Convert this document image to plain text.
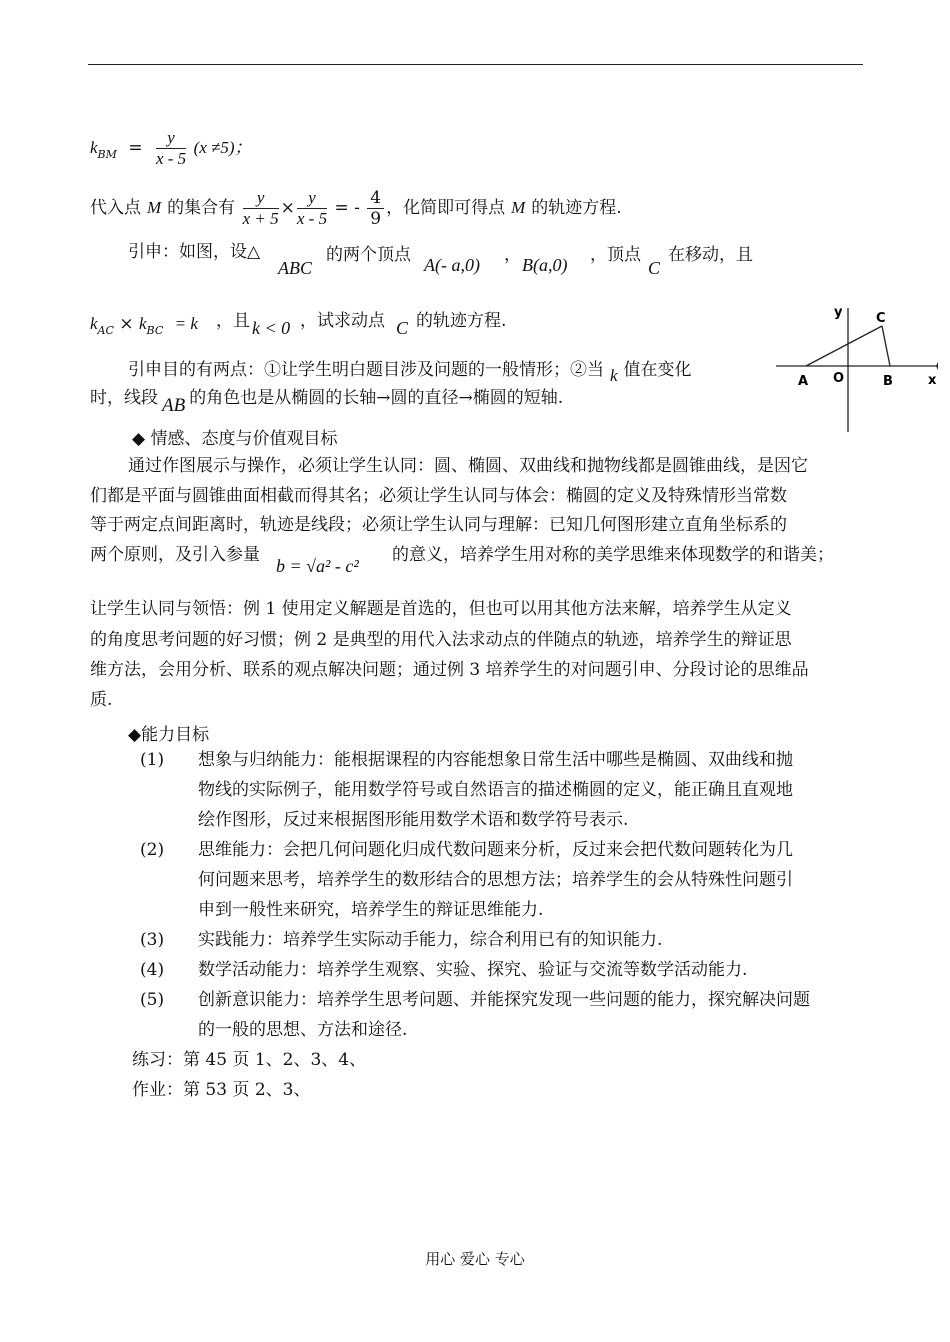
$k_{BM} = \frac{y}{x - 5} (x \ne 5)$；
代入点 M 的集合有 $\frac{y}{x + 5} \times \frac{y}{x - 5}$ = - $\frac{4}{9}$ ，化简即可得点 M 的轨迹方程.
引申：如图，设△
ABC
的两个顶点 A(- a,0) ， B(a,0) ，顶点
C
在移动，且
$k_{AC} \times k_{BC} = k$ ，且 k < 0 ，试求动点 C 的轨迹方程.
引申目的有两点：①让学生明白题目涉及问题的一般情形；②当 k 值在变化
时，线段 AB 的角色也是从椭圆的长轴→圆的直径→椭圆的短轴.
y
x
A O	B
C
◆ 情感、态度与价值观目标
通过作图展示与操作，必须让学生认同：圆、椭圆、双曲线和抛物线都是圆锥曲线，是因它
们都是平面与圆锥曲面相截而得其名；必须让学生认同与体会：椭圆的定义及特殊情形当常数
等于两定点间距离时，轨迹是线段；必须让学生认同与理解：已知几何图形建立直角坐标系的
两个原则，及引入参量
b = √a² - c²
的意义，培养学生用对称的美学思维来体现数学的和谐美；
让学生认同与领悟：例 1 使用定义解题是首选的，但也可以用其他方法来解，培养学生从定义
的角度思考问题的好习惯；例 2 是典型的用代入法求动点的伴随点的轨迹，培养学生的辩证思
维方法，会用分析、联系的观点解决问题；通过例 3 培养学生的对问题引申、分段讨论的思维品
质.
◆能力目标
(1) 想象与归纳能力：能根据课程的内容能想象日常生活中哪些是椭圆、双曲线和抛
物线的实际例子，能用数学符号或自然语言的描述椭圆的定义，能正确且直观地
绘作图形，反过来根据图形能用数学术语和数学符号表示.
(2) 思维能力：会把几何问题化归成代数问题来分析，反过来会把代数问题转化为几
何问题来思考，培养学生的数形结合的思想方法；培养学生的会从特殊性问题引
申到一般性来研究，培养学生的辩证思维能力.
(3) 实践能力：培养学生实际动手能力，综合利用已有的知识能力.
(4) 数学活动能力：培养学生观察、实验、探究、验证与交流等数学活动能力.
(5) 创新意识能力：培养学生思考问题、并能探究发现一些问题的能力，探究解决问题
的一般的思想、方法和途径.
练习：第 45 页 1、2、3、4、
作业：第 53 页 2、3、
用心 爱心 专心
